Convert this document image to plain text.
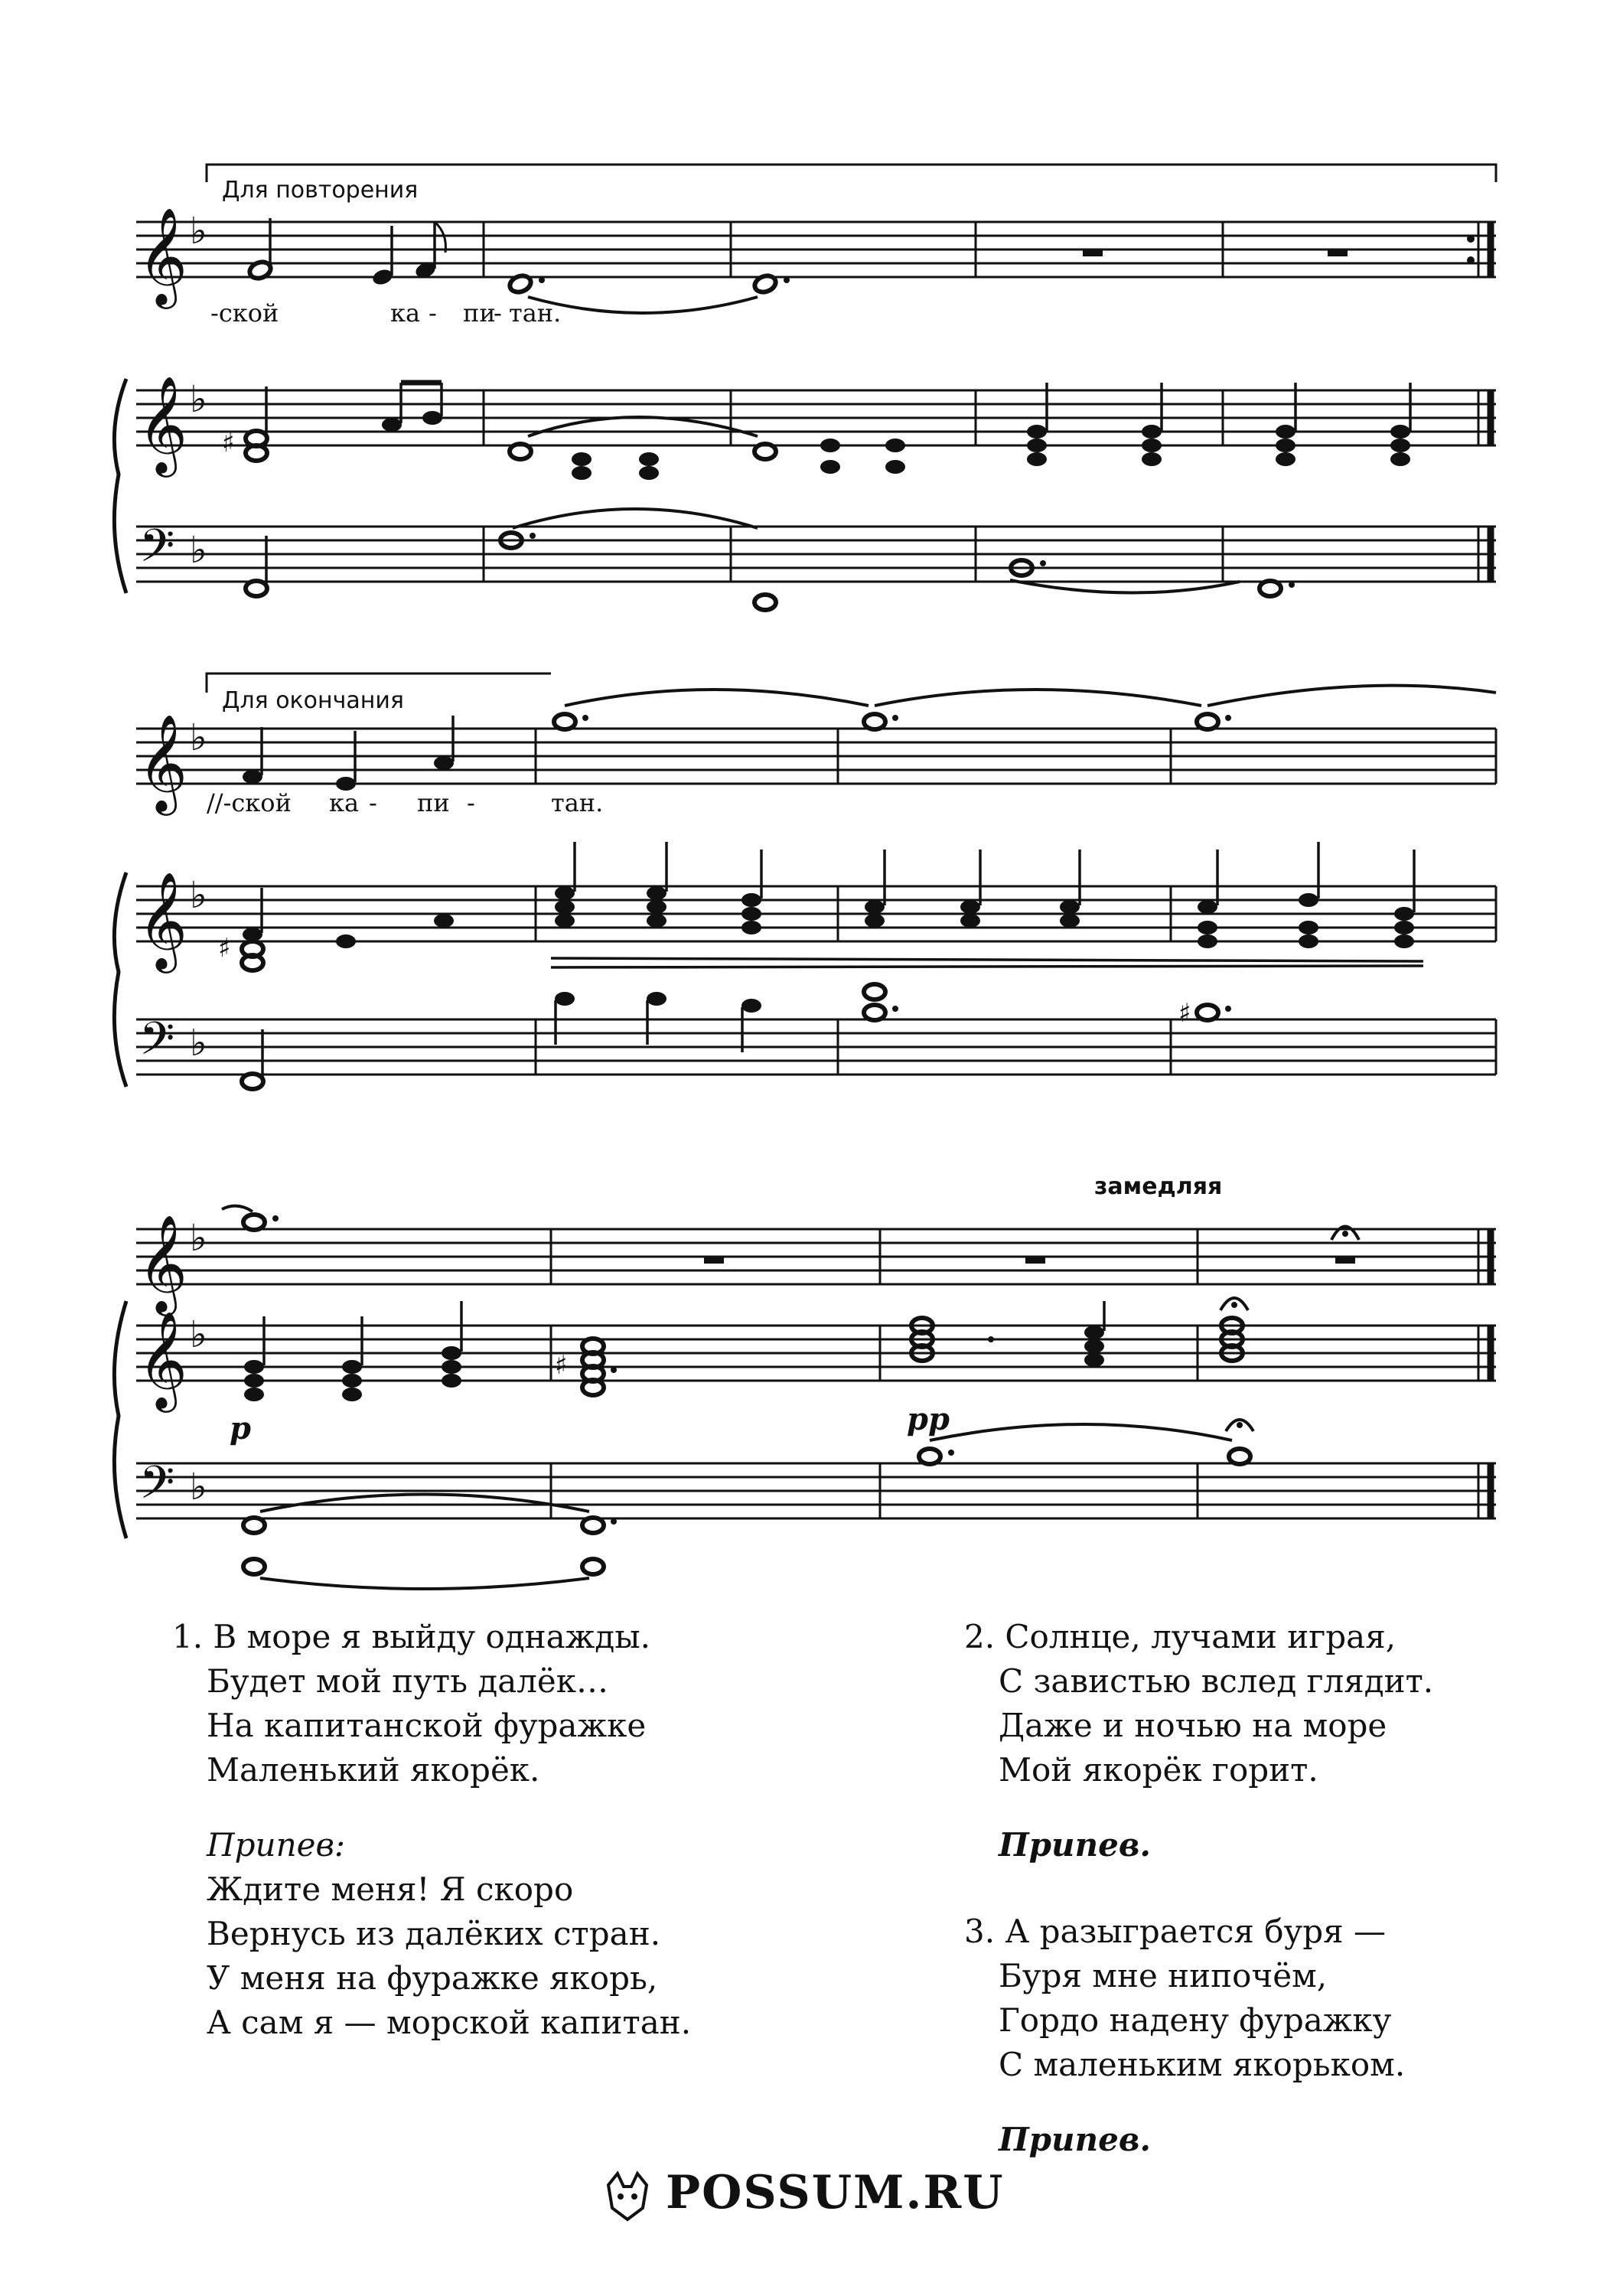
Для повторения
𝄞 ♭
-ской	ка - пи
- тан.
𝄞 ♭
♯
𝄢 ♭
Для окончания
𝄞 ♭
//-ской ка - пи -	тан.
𝄞 ♭
♯
𝄢 ♭
♯
замедляя
𝄞 ♭
𝄞 ♭
♯
p	pp
𝄢 ♭
1. В море я выйду однажды.
Будет мой путь далёк…
На капитанской фуражке
Маленький якорёк.
Припев:
Ждите меня! Я скоро
Вернусь из далёких стран.
У меня на фуражке якорь,
А сам я — морской капитан.
2. Солнце, лучами играя,
С завистью вслед глядит.
Даже и ночью на море
Мой якорёк горит.
Припев.
3. А разыграется буря —
Буря мне нипочём,
Гордо надену фуражку
С маленьким якорьком.
Припев.
POSSUM.RU
